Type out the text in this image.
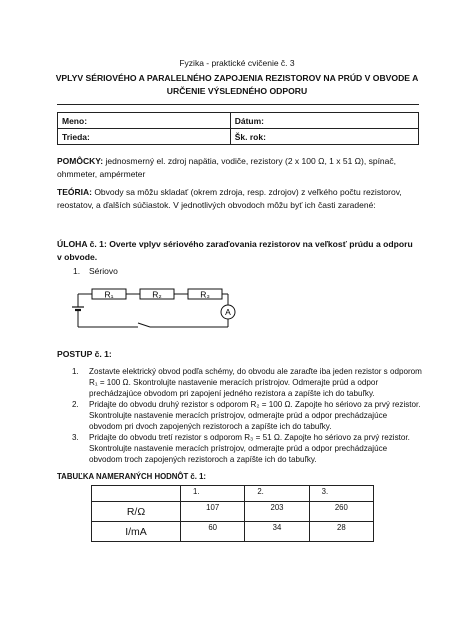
Fyzika - praktické cvičenie č. 3
VPLYV SÉRIOVÉHO A PARALELNÉHO ZAPOJENIA REZISTOROV NA PRÚD V OBVODE A
URČENIE VÝSLEDNÉHO ODPORU
Meno:	Dátum:
Trieda:	Šk. rok:
POMÔCKY: jednosmerný el. zdroj napätia, vodiče, rezistory (2 x 100 Ω, 1 x 51 Ω), spínač, ohmmeter, ampérmeter
TEÓRIA: Obvody sa môžu skladať (okrem zdroja, resp. zdrojov) z veľkého počtu rezistorov, reostatov, a ďalších súčiastok. V jednotlivých obvodoch môžu byť ich časti zaradené:
ÚLOHA č. 1: Overte vplyv sériového zaraďovania rezistorov na veľkosť prúdu a odporu v obvode.
1. Sériovo
R₁	R₂	R₃
A
POSTUP č. 1:
1. Zostavte elektrický obvod podľa schémy, do obvodu ale zaraďte iba jeden rezistor s odporom R₁ = 100 Ω. Skontrolujte nastavenie meracích prístrojov. Odmerajte prúd a odpor prechádzajúce obvodom pri zapojení jedného rezistora a zapíšte ich do tabuľky.
2. Pridajte do obvodu druhý rezistor s odporom R₂ = 100 Ω. Zapojte ho sériovo za prvý rezistor. Skontrolujte nastavenie meracích prístrojov, odmerajte prúd a odpor prechádzajúce obvodom pri dvoch zapojených rezistoroch a zapíšte ich do tabuľky.
3. Pridajte do obvodu tretí rezistor s odporom R₃ = 51 Ω. Zapojte ho sériovo za prvý rezistor. Skontrolujte nastavenie meracích prístrojov, odmerajte prúd a odpor prechádzajúce obvodom troch zapojených rezistoroch a zapíšte ich do tabuľky.
TABUĽKA NAMERANÝCH HODNÔT č. 1:
	1.	2.	3.
R/Ω	107	203	260
I/mA	60	34	28
